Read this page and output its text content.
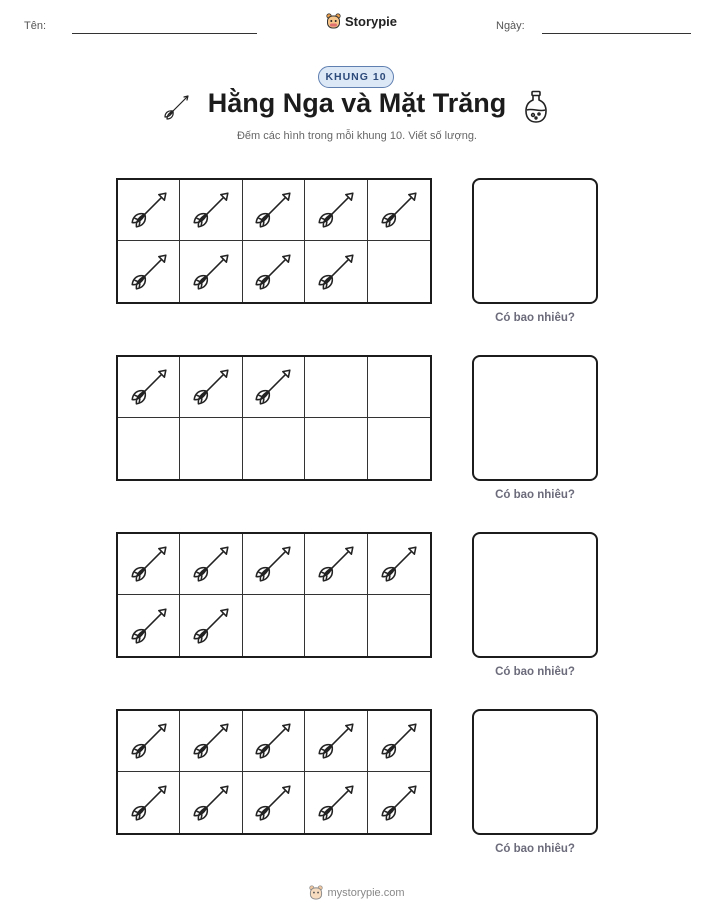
Tên:	Storypie	Ngày:
KHUNG 10
Hằng Nga và Mặt Trăng
Đếm các hình trong mỗi khung 10. Viết số lượng.
Có bao nhiêu?
Có bao nhiêu?
Có bao nhiêu?
Có bao nhiêu?
mystorypie.com
